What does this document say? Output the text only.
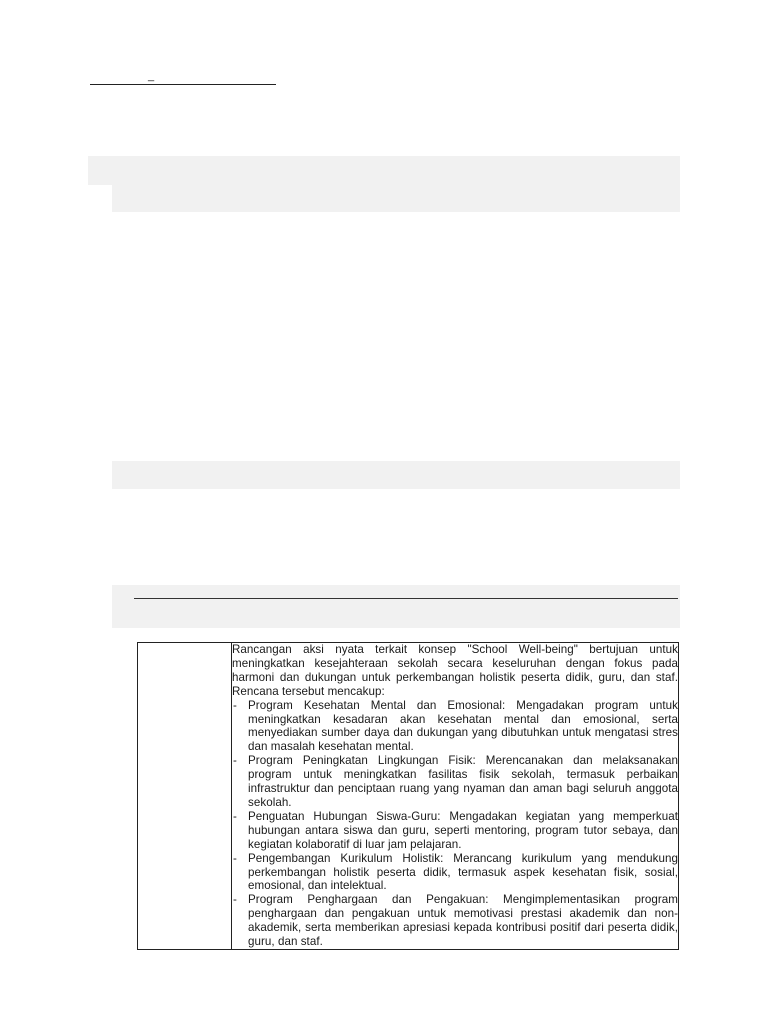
_

Rancangan aksi nyata terkait konsep "School Well-being" bertujuan untuk meningkatkan kesejahteraan sekolah secara keseluruhan dengan fokus pada harmoni dan dukungan untuk perkembangan holistik peserta didik, guru, dan staf. Rencana tersebut mencakup:

- Program Kesehatan Mental dan Emosional: Mengadakan program untuk meningkatkan kesadaran akan kesehatan mental dan emosional, serta menyediakan sumber daya dan dukungan yang dibutuhkan untuk mengatasi stres dan masalah kesehatan mental.
- Program Peningkatan Lingkungan Fisik: Merencanakan dan melaksanakan program untuk meningkatkan fasilitas fisik sekolah, termasuk perbaikan infrastruktur dan penciptaan ruang yang nyaman dan aman bagi seluruh anggota sekolah.
- Penguatan Hubungan Siswa-Guru: Mengadakan kegiatan yang memperkuat hubungan antara siswa dan guru, seperti mentoring, program tutor sebaya, dan kegiatan kolaboratif di luar jam pelajaran.
- Pengembangan Kurikulum Holistik: Merancang kurikulum yang mendukung perkembangan holistik peserta didik, termasuk aspek kesehatan fisik, sosial, emosional, dan intelektual.
- Program Penghargaan dan Pengakuan: Mengimplementasikan program penghargaan dan pengakuan untuk memotivasi prestasi akademik dan non-akademik, serta memberikan apresiasi kepada kontribusi positif dari peserta didik, guru, dan staf.
